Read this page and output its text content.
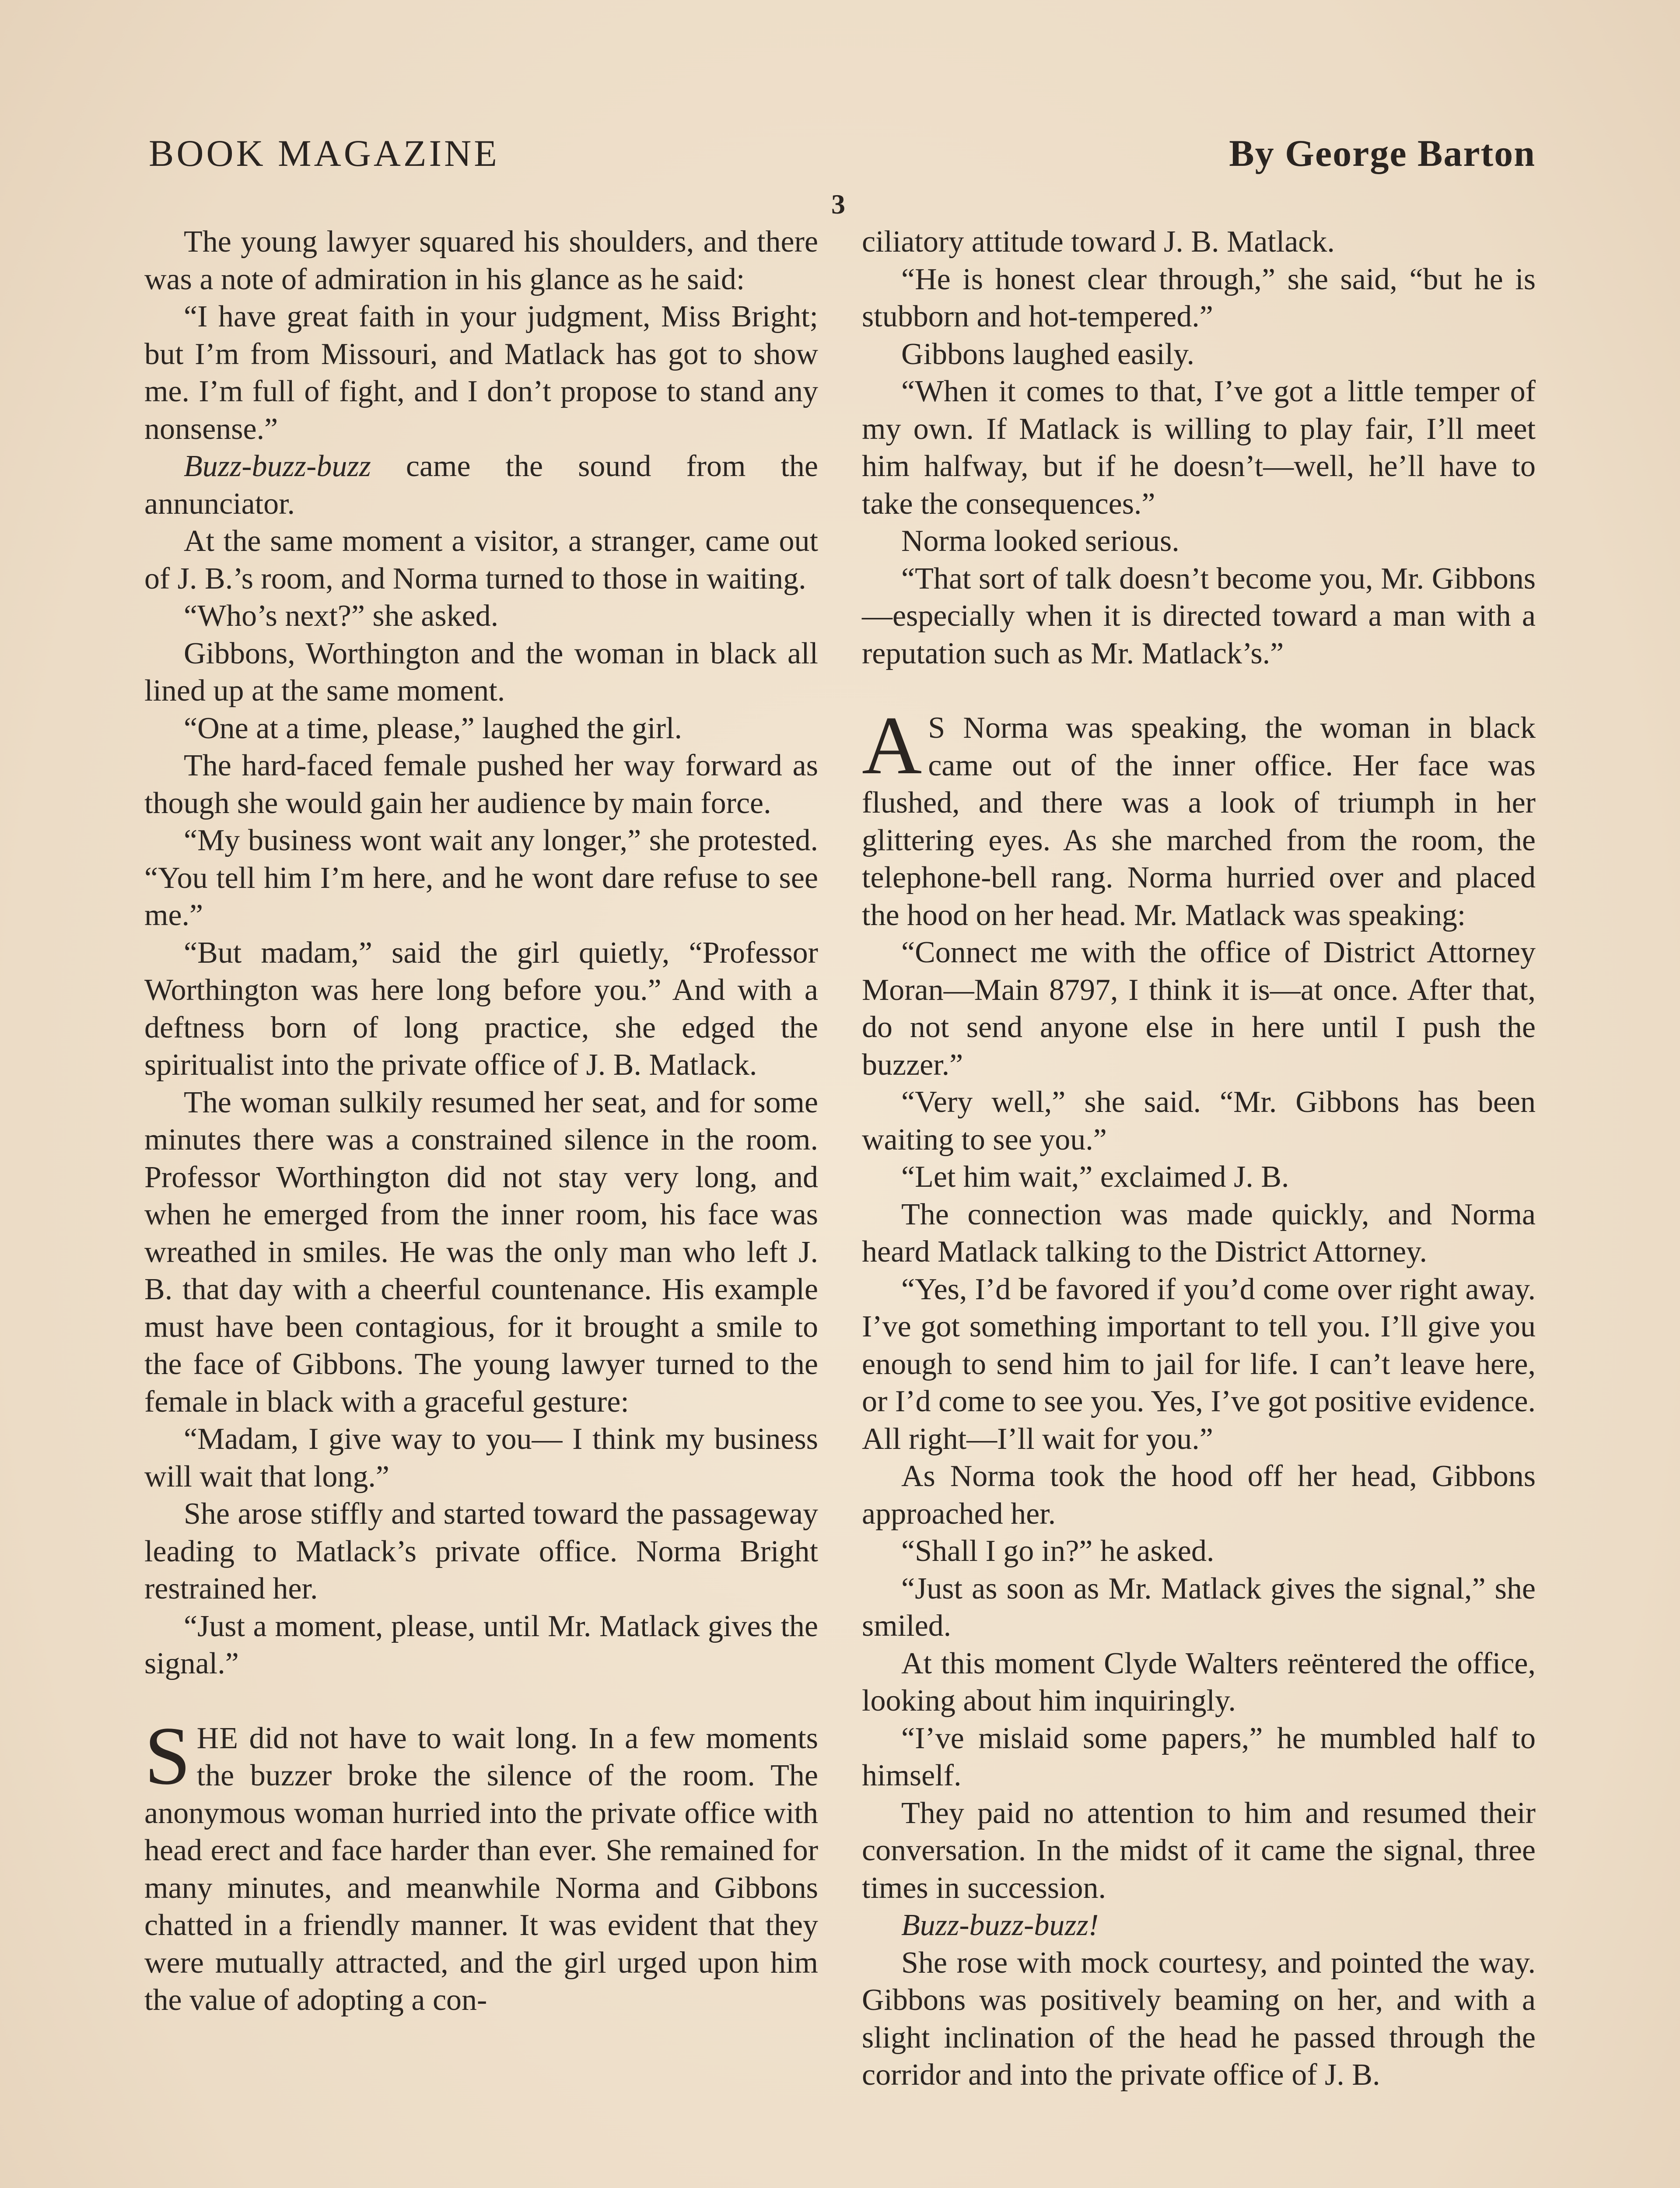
BOOK MAGAZINE	By George Barton
3

The young lawyer squared his shoulders, and there was a note of admiration in his glance as he said:

“I have great faith in your judgment, Miss Bright; but I’m from Missouri, and Matlack has got to show me. I’m full of fight, and I don’t propose to stand any nonsense.”

Buzz-buzz-buzz came the sound from the annunciator.

At the same moment a visitor, a stranger, came out of J. B.’s room, and Norma turned to those in waiting.

“Who’s next?” she asked.

Gibbons, Worthington and the woman in black all lined up at the same moment.

“One at a time, please,” laughed the girl.

The hard-faced female pushed her way forward as though she would gain her audience by main force.

“My business wont wait any longer,” she protested. “You tell him I’m here, and he wont dare refuse to see me.”

“But madam,” said the girl quietly, “Professor Worthington was here long before you.” And with a deftness born of long practice, she edged the spiritualist into the private office of J. B. Matlack.

The woman sulkily resumed her seat, and for some minutes there was a constrained silence in the room. Professor Worthington did not stay very long, and when he emerged from the inner room, his face was wreathed in smiles. He was the only man who left J. B. that day with a cheerful countenance. His example must have been contagious, for it brought a smile to the face of Gibbons. The young lawyer turned to the female in black with a graceful gesture:

“Madam, I give way to you— I think my business will wait that long.”

She arose stiffly and started toward the passageway leading to Matlack’s private office. Norma Bright restrained her.

“Just a moment, please, until Mr. Matlack gives the signal.”

SHE did not have to wait long. In a few moments the buzzer broke the silence of the room. The anonymous woman hurried into the private office with head erect and face harder than ever. She remained for many minutes, and meanwhile Norma and Gibbons chatted in a friendly manner. It was evident that they were mutually attracted, and the girl urged upon him the value of adopting a con-

ciliatory attitude toward J. B. Matlack.

“He is honest clear through,” she said, “but he is stubborn and hot-tempered.”

Gibbons laughed easily.

“When it comes to that, I’ve got a little temper of my own. If Matlack is willing to play fair, I’ll meet him halfway, but if he doesn’t—well, he’ll have to take the consequences.”

Norma looked serious.

“That sort of talk doesn’t become you, Mr. Gibbons—especially when it is directed toward a man with a reputation such as Mr. Matlack’s.”

A S Norma was speaking, the woman in black came out of the inner office. Her face was flushed, and there was a look of triumph in her glittering eyes. As she marched from the room, the telephone-bell rang. Norma hurried over and placed the hood on her head. Mr. Matlack was speaking:

“Connect me with the office of District Attorney Moran—Main 8797, I think it is—at once. After that, do not send anyone else in here until I push the buzzer.”

“Very well,” she said. “Mr. Gibbons has been waiting to see you.”

“Let him wait,” exclaimed J. B.

The connection was made quickly, and Norma heard Matlack talking to the District Attorney.

“Yes, I’d be favored if you’d come over right away. I’ve got something important to tell you. I’ll give you enough to send him to jail for life. I can’t leave here, or I’d come to see you. Yes, I’ve got positive evidence. All right—I’ll wait for you.”

As Norma took the hood off her head, Gibbons approached her.

“Shall I go in?” he asked.

“Just as soon as Mr. Matlack gives the signal,” she smiled.

At this moment Clyde Walters reëntered the office, looking about him inquiringly.

“I’ve mislaid some papers,” he mumbled half to himself.

They paid no attention to him and resumed their conversation. In the midst of it came the signal, three times in succession.

Buzz-buzz-buzz!

She rose with mock courtesy, and pointed the way. Gibbons was positively beaming on her, and with a slight inclination of the head he passed through the corridor and into the private office of J. B.
